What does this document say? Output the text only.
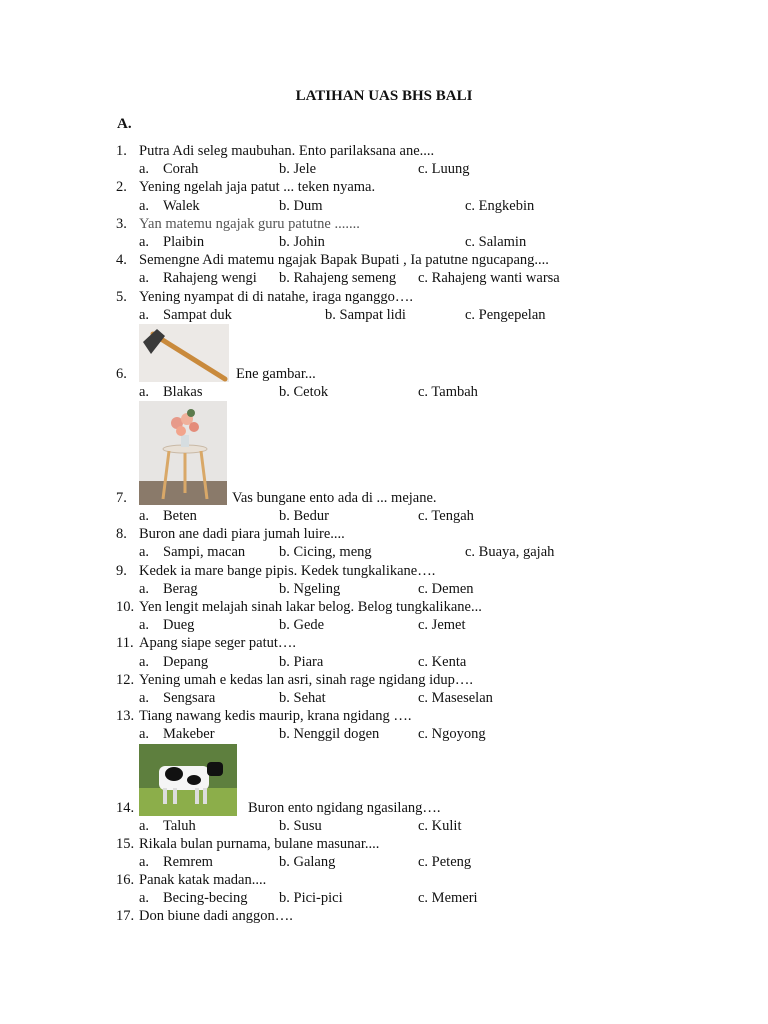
LATIHAN UAS BHS BALI
A.
1. Putra Adi seleg maubuhan. Ento parilaksana ane....
a. Corah	b. Jele	c. Luung
2. Yening ngelah jaja patut ... teken nyama.
a. Walek	b. Dum	c. Engkebin
3. Yan matemu ngajak guru patutne .......
a. Plaibin	b. Johin	c. Salamin
4. Semengne Adi matemu ngajak Bapak Bupati , Ia patutne ngucapang....
a. Rahajeng wengi b. Rahajeng semeng c. Rahajeng wanti warsa
5. Yening nyampat di di natahe, iraga nganggo….
a. Sampat duk	b. Sampat lidi	c. Pengepelan
6.	Ene gambar...
a. Blakas	b. Cetok	c. Tambah
7.	Vas bungane ento ada di ... mejane.
a. Beten	b. Bedur	c. Tengah
8. Buron ane dadi piara jumah luire....
a. Sampi, macan b. Cicing, meng	c. Buaya, gajah
9. Kedek ia mare bange pipis. Kedek tungkalikane….
a. Berag	b. Ngeling	c. Demen
10. Yen lengit melajah sinah lakar belog. Belog tungkalikane...
a. Dueg	b. Gede	c. Jemet
11. Apang siape seger patut….
a. Depang	b. Piara	c. Kenta
12. Yening umah e kedas lan asri, sinah rage ngidang idup….
a. Sengsara	b. Sehat	c. Maseselan
13. Tiang nawang kedis maurip, krana ngidang ….
a. Makeber	b. Nenggil dogen	c. Ngoyong
14.	Buron ento ngidang ngasilang….
a. Taluh	b. Susu	c. Kulit
15. Rikala bulan purnama, bulane masunar....
a. Remrem	b. Galang	c. Peteng
16. Panak katak madan....
a. Becing-becing b. Pici-pici	c. Memeri
17. Don biune dadi anggon….
